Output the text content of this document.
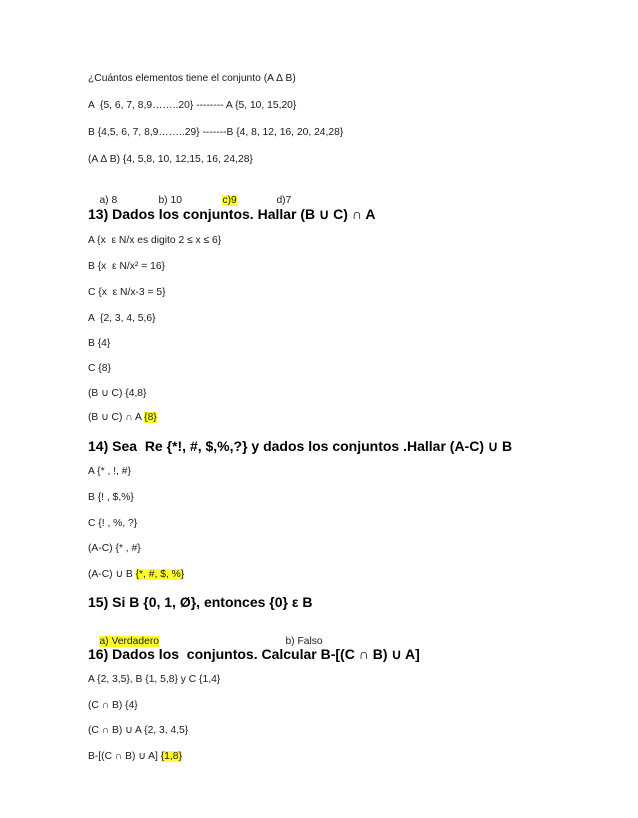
¿Cuántos elementos tiene el conjunto (A ∆ B)

A  {5, 6, 7, 8,9……..20} -------- A {5, 10, 15,20}

B {4,5, 6, 7, 8,9……..29} -------B {4, 8, 12, 16, 20, 24,28}

(A ∆ B) {4, 5,8, 10, 12,15, 16, 24,28}

a) 8	b) 10	c)9	d)7

13) Dados los conjuntos. Hallar (B ∪ C) ∩ A

A {x  ε N/x es digito 2 ≤ x ≤ 6}

B {x  ε N/x² = 16}

C {x  ε N/x-3 = 5}

A  {2, 3, 4, 5,6}

B {4}

C {8}

(B ∪ C) {4,8}

(B ∪ C) ∩ A {8}

14) Sea  Re {*!, #, $,%,?} y dados los conjuntos .Hallar (A-C) ∪ B

A {* , !, #}

B {! , $,%}

C {! , %, ?}

(A-C) {* , #}

(A-C) ∪ B {*, #, $, %}

15) Si B {0, 1, Ø}, entonces {0} ε B

a) Verdadero	b) Falso

16) Dados los  conjuntos. Calcular B-[(C ∩ B) ∪ A]

A {2, 3,5}, B {1, 5,8} y C {1,4}

(C ∩ B) {4}

(C ∩ B) ∪ A {2, 3, 4,5}

B-[(C ∩ B) ∪ A] {1,8}
